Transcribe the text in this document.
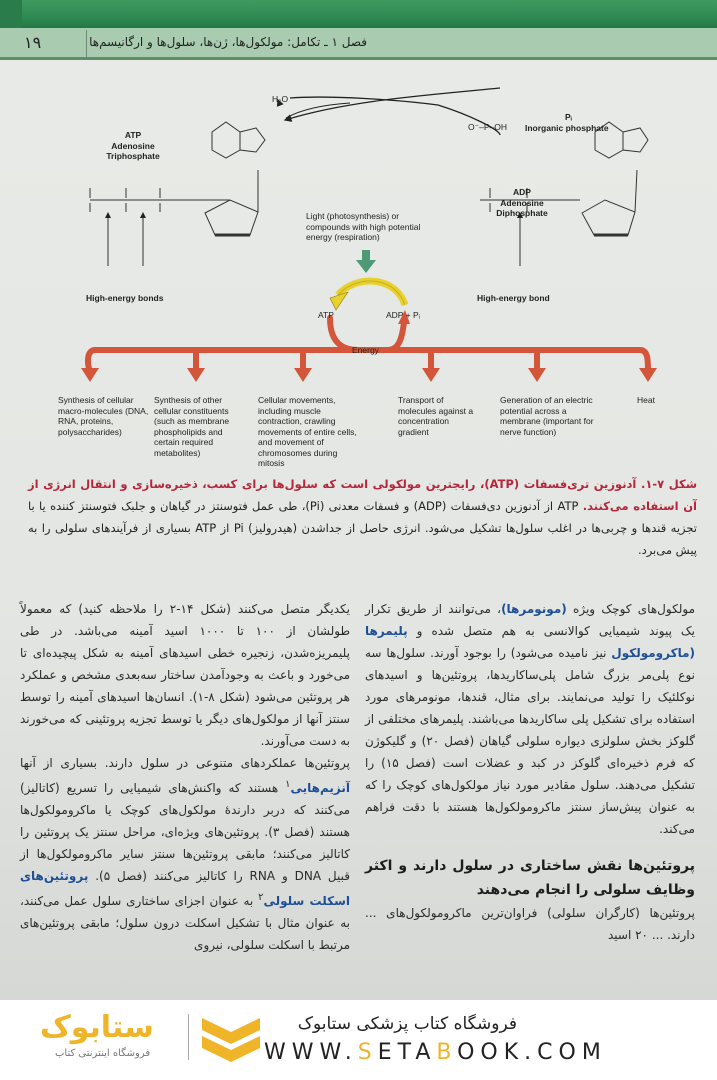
۱۹	فصل ۱ ـ تکامل: مولکول‌ها، ژن‌ها، سلول‌ها و ارگانیسم‌ها
H₂O
Pᵢ
Inorganic phosphate
O⁻–P–OH
ATP
Adenosine
Triphosphate
ADP
Adenosine
Diphosphate
High-energy bonds	High-energy bond
Light (photosynthesis) or compounds with high potential energy (respiration)
ATP	ADP + Pᵢ
Energy
Synthesis of cellular macro-molecules (DNA, RNA, proteins, polysaccharides)
Synthesis of other cellular constituents (such as membrane phospholipids and certain required metabolites)
Cellular movements, including muscle contraction, crawling movements of entire cells, and movement of chromosomes during mitosis
Transport of molecules against a concentration gradient
Generation of an electric potential across a membrane (important for nerve function)
Heat
شکل ۷-۱. آدنوزین تری‌فسفات (ATP)، رایجترین مولکولی است که سلول‌ها برای کسب، ذخیره‌سازی و انتقال انرژی از آن استفاده می‌کنند. ATP از آدنوزین دی‌فسفات (ADP) و فسفات معدنی (Pi)، طی عمل فتوسنتز در گیاهان و جلبک فتوسنتز کننده یا با تجزیه قندها و چربی‌ها در اغلب سلول‌ها تشکیل می‌شود. انرژی حاصل از جداشدن (هیدرولیز) Pi از ATP بسیاری از فرآیندهای سلولی را به پیش می‌برد.

مولکول‌های کوچک ویژه (مونومرها)، می‌توانند از طریق تکرار یک پیوند شیمیایی کوالانسی به هم متصل شده و پلیمرها (ماکرومولکول نیز نامیده می‌شود) را بوجود آورند. سلول‌ها سه نوع پلی‌مر بزرگ شامل پلی‌ساکاریدها، پروتئین‌ها و اسیدهای نوکلئیک را تولید می‌نمایند. برای مثال، قندها، مونومرهای مورد استفاده برای تشکیل پلی ساکاریدها می‌باشند. پلیمرهای مختلفی از گلوکز بخش سلولزی دیواره سلولی گیاهان (فصل ۲۰) و گلیکوژن که فرم ذخیره‌ای گلوکز در کبد و عضلات است (فصل ۱۵) را تشکیل می‌دهند. سلول مقادیر مورد نیاز مولکول‌های کوچک را که به عنوان پیش‌ساز سنتز ماکرومولکول‌ها هستند با دقت فراهم می‌کند.

پروتئین‌ها نقش ساختاری در سلول دارند و اکثر وظایف سلولی را انجام می‌دهند

پروتئین‌ها (کارگران سلولی) فراوان‌ترین ماکرومولکول‌های ... دارند. ... ۲۰ اسید

یکدیگر متصل می‌کنند (شکل ۱۴-۲ را ملاحظه کنید) که معمولاً طولشان از ۱۰۰ تا ۱۰۰۰ اسید آمینه می‌باشد. در طی پلیمریزه‌شدن، زنجیره خطی اسیدهای آمینه به شکل پیچیده‌ای تا می‌خورد و باعث به وجودآمدن ساختار سه‌بعدی مشخص و عملکرد هر پروتئین می‌شود (شکل ۸-۱). انسان‌ها اسیدهای آمینه را توسط سنتز آنها از مولکول‌های دیگر یا توسط تجزیه پروتئینی که می‌خورند به دست می‌آورند.

پروتئین‌ها عملکردهای متنوعی در سلول دارند. بسیاری از آنها آنزیم‌هایی$^۱$ هستند که واکنش‌های شیمیایی را تسریع (کاتالیز) می‌کنند که دربر دارندهٔ مولکول‌های کوچک یا ماکرومولکول‌ها هستند (فصل ۳). پروتئین‌های ویژه‌ای، مراحل سنتز یک پروتئین را کاتالیز می‌کنند؛ مابقی پروتئین‌ها سنتز سایر ماکرومولکول‌ها از قبیل DNA و RNA را کاتالیز می‌کنند (فصل ۵). پروتئین‌های اسکلت سلولی$^۲$ به عنوان اجزای ساختاری سلول عمل می‌کنند، به عنوان مثال با تشکیل اسکلت درون سلول؛ مابقی پروتئین‌های مرتبط با اسکلت سلولی، نیروی

ستابوک
فروشگاه اینترنتی کتاب
فروشگاه کتاب پزشکی ستابوک
WWW.SETABOOK.COM
